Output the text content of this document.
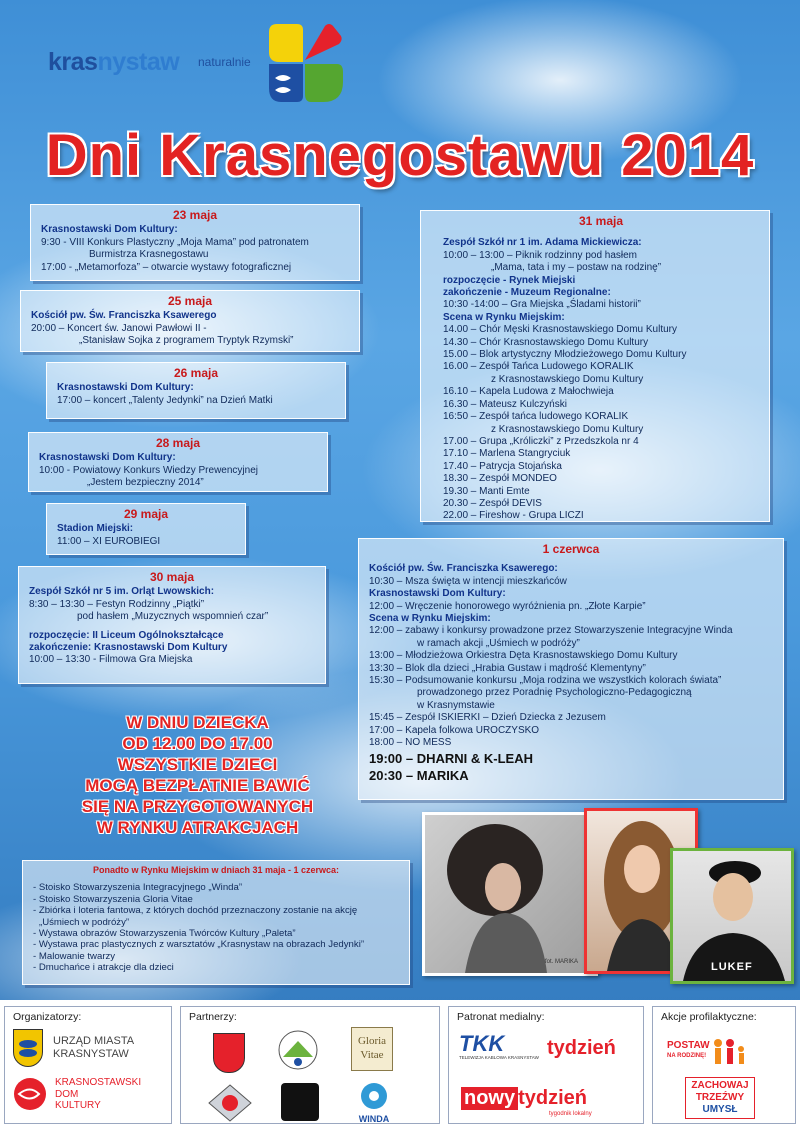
krasnystaw naturalnie
Dni Krasnegostawu 2014
23 maja
Krasnostawski Dom Kultury:
9:30 - VIII Konkurs Plastyczny „Moja Mama” pod patronatem
Burmistrza Krasnegostawu
17:00 - „Metamorfoza” – otwarcie wystawy fotograficznej
25 maja
Kościół pw. Św. Franciszka Ksawerego
20:00 – Koncert św. Janowi Pawłowi II -
„Stanisław Sojka z programem Tryptyk Rzymski”
26 maja
Krasnostawski Dom Kultury:
17:00 – koncert „Talenty Jedynki” na Dzień Matki
28 maja
Krasnostawski Dom Kultury:
10:00 - Powiatowy Konkurs Wiedzy Prewencyjnej
„Jestem bezpieczny 2014”
29 maja
Stadion Miejski:
11:00 – XI EUROBIEGI
30 maja
Zespół Szkół nr 5 im. Orląt Lwowskich:
8:30 – 13:30 – Festyn Rodzinny „Piątki”
pod hasłem „Muzycznych wspomnień czar”
rozpoczęcie: II Liceum Ogólnokształcące
zakończenie: Krasnostawski Dom Kultury
10:00 – 13:30 - Filmowa Gra Miejska
31 maja
Zespół Szkół nr 1 im. Adama Mickiewicza:
10:00 – 13:00 – Piknik rodzinny pod hasłem
„Mama, tata i my – postaw na rodzinę”
rozpoczęcie - Rynek Miejski
zakończenie - Muzeum Regionalne:
10:30 -14:00 – Gra Miejska „Śladami historii”
Scena w Rynku Miejskim:
14.00 – Chór Męski Krasnostawskiego Domu Kultury
14.30 – Chór Krasnostawskiego Domu Kultury
15.00 – Blok artystyczny Młodzieżowego Domu Kultury
16.00 – Zespół Tańca Ludowego KORALIK
z Krasnostawskiego Domu Kultury
16.10 – Kapela Ludowa z Małochwieja
16.30 – Mateusz Kulczyński
16:50 – Zespół tańca ludowego KORALIK
z Krasnostawskiego Domu Kultury
17.00 – Grupa „Króliczki” z Przedszkola nr 4
17.10 – Marlena Stangryciuk
17.40 – Patrycja Stojańska
18.30 – Zespół MONDEO
19.30 – Manti Emte
20.30 – Zespół DEVIS
22.00 – Fireshow - Grupa LICZI
1 czerwca
Kościół pw. Św. Franciszka Ksawerego:
10:30 – Msza święta w intencji mieszkańców
Krasnostawski Dom Kultury:
12:00 – Wręczenie honorowego wyróżnienia pn. „Złote Karpie”
Scena w Rynku Miejskim:
12:00 – zabawy i konkursy prowadzone przez Stowarzyszenie Integracyjne Winda
w ramach akcji „Uśmiech w podróży”
13:00 – Młodzieżowa Orkiestra Dęta Krasnostawskiego Domu Kultury
13:30 – Blok dla dzieci „Hrabia Gustaw i mądrość Klementyny”
15:30 – Podsumowanie konkursu „Moja rodzina we wszystkich kolorach świata”
prowadzonego przez Poradnię Psychologiczno-Pedagogiczną
w Krasnymstawie
15:45 – Zespół ISKIERKI – Dzień Dziecka z Jezusem
17:00 – Kapela folkowa UROCZYSKO
18:00 – NO MESS
19:00 – DHARNI & K-LEAH
20:30 – MARIKA
W DNIU DZIECKA
OD 12.00 DO 17.00
WSZYSTKIE DZIECI
MOGĄ BEZPŁATNIE BAWIĆ
SIĘ NA PRZYGOTOWANYCH
W RYNKU ATRAKCJACH
Ponadto w Rynku Miejskim w dniach 31 maja - 1 czerwca:
- Stoisko Stowarzyszenia Integracyjnego „Winda”
- Stoisko Stowarzyszenia Gloria Vitae
- Zbiórka i loteria fantowa, z których dochód przeznaczony zostanie na akcję
„Uśmiech w podróży”
- Wystawa obrazów Stowarzyszenia Twórców Kultury „Paleta”
- Wystawa prac plastycznych z warsztatów „Krasnystaw na obrazach Jedynki”
- Malowanie twarzy
- Dmuchańce i atrakcje dla dzieci
fot. MARIKA	LUKEF
Organizatorzy:
URZĄD MIASTA
KRASNYSTAW
KRASNOSTAWSKI
DOM
KULTURY
Partnerzy:
Gloria
Vitae
WINDA
Patronat medialny:
TKK
TELEWIZJA KABLOWA KRASNYSTAW tydzień
nowy tydzień
tygodnik lokalny
Akcje profilaktyczne:
POSTAW
NA RODZINĘ!
ZACHOWAJ
TRZEŹWY
UMYSŁ
